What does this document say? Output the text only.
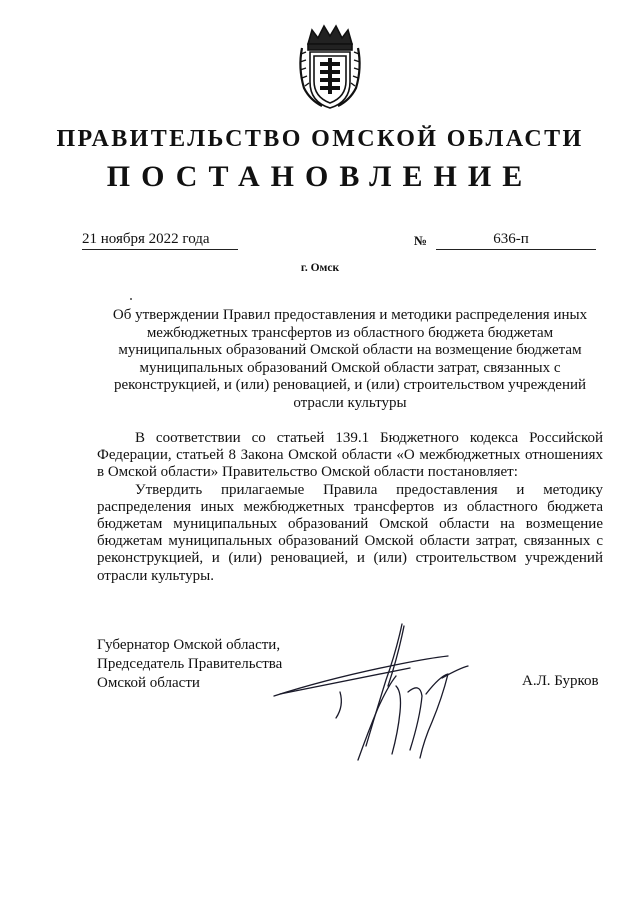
ПРАВИТЕЛЬСТВО ОМСКОЙ ОБЛАСТИ
ПОСТАНОВЛЕНИЕ
21 ноября 2022 года	№	636-п
г. Омск
Об утверждении Правил предоставления и методики распределения иных межбюджетных трансфертов из областного бюджета бюджетам муниципальных образований Омской области на возмещение бюджетам муниципальных образований Омской области затрат, связанных с реконструкцией, и (или) реновацией, и (или) строительством учреждений отрасли культуры

В соответствии со статьей 139.1 Бюджетного кодекса Российской Федерации, статьей 8 Закона Омской области «О межбюджетных отношениях в Омской области» Правительство Омской области постановляет:

Утвердить прилагаемые Правила предоставления и методику распределения иных межбюджетных трансфертов из областного бюджета бюджетам муниципальных образований Омской области на возмещение бюджетам муниципальных образований Омской области затрат, связанных с реконструкцией, и (или) реновацией, и (или) строительством учреждений отрасли культуры.

Губернатор Омской области,
Председатель Правительства
Омской области	А.Л. Бурков
